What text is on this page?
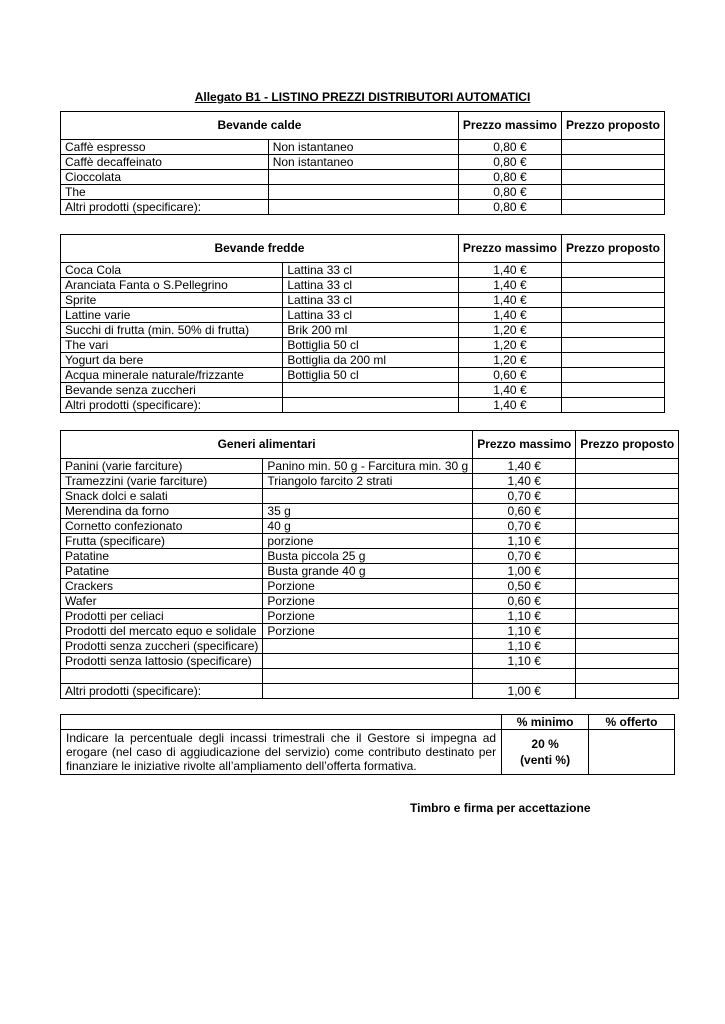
Allegato B1 - LISTINO PREZZI DISTRIBUTORI AUTOMATICI
Bevande calde		Prezzo massimo	Prezzo proposto
Caffè espresso	Non istantaneo	0,80 €	
Caffè decaffeinato	Non istantaneo	0,80 €	
Cioccolata		0,80 €	
The		0,80 €	
Altri prodotti (specificare):		0,80 €	
Bevande fredde		Prezzo massimo	Prezzo proposto
Coca Cola	Lattina 33 cl	1,40 €	
Aranciata Fanta o S.Pellegrino	Lattina 33 cl	1,40 €	
Sprite	Lattina 33 cl	1,40 €	
Lattine varie	Lattina 33 cl	1,40 €	
Succhi di frutta (min. 50% di frutta)	Brik 200 ml	1,20 €	
The vari	Bottiglia 50 cl	1,20 €	
Yogurt da bere	Bottiglia da 200 ml	1,20 €	
Acqua minerale naturale/frizzante	Bottiglia 50 cl	0,60 €	
Bevande senza zuccheri		1,40 €	
Altri prodotti (specificare):		1,40 €	
Generi alimentari		Prezzo massimo	Prezzo proposto
Panini (varie farciture)	Panino min. 50 g - Farcitura min. 30 g	1,40 €	
Tramezzini (varie farciture)	Triangolo farcito 2 strati	1,40 €	
Snack dolci e salati		0,70 €	
Merendina da forno	35 g	0,60 €	
Cornetto confezionato	40 g	0,70 €	
Frutta (specificare)	porzione	1,10 €	
Patatine	Busta piccola 25 g	0,70 €	
Patatine	Busta grande 40 g	1,00 €	
Crackers	Porzione	0,50 €	
Wafer	Porzione	0,60 €	
Prodotti per celiaci	Porzione	1,10 €	
Prodotti del mercato equo e solidale	Porzione	1,10 €	
Prodotti senza zuccheri (specificare)		1,10 €	
Prodotti senza lattosio (specificare)		1,10 €	

Altri prodotti (specificare):		1,00 €	
	% minimo	% offerto
Indicare la percentuale degli incassi trimestrali che il Gestore si impegna ad erogare (nel caso di aggiudicazione del servizio) come contributo destinato per finanziare le iniziative rivolte all’ampliamento dell’offerta formativa.	20 %
(venti %)	

Timbro e firma per accettazione
